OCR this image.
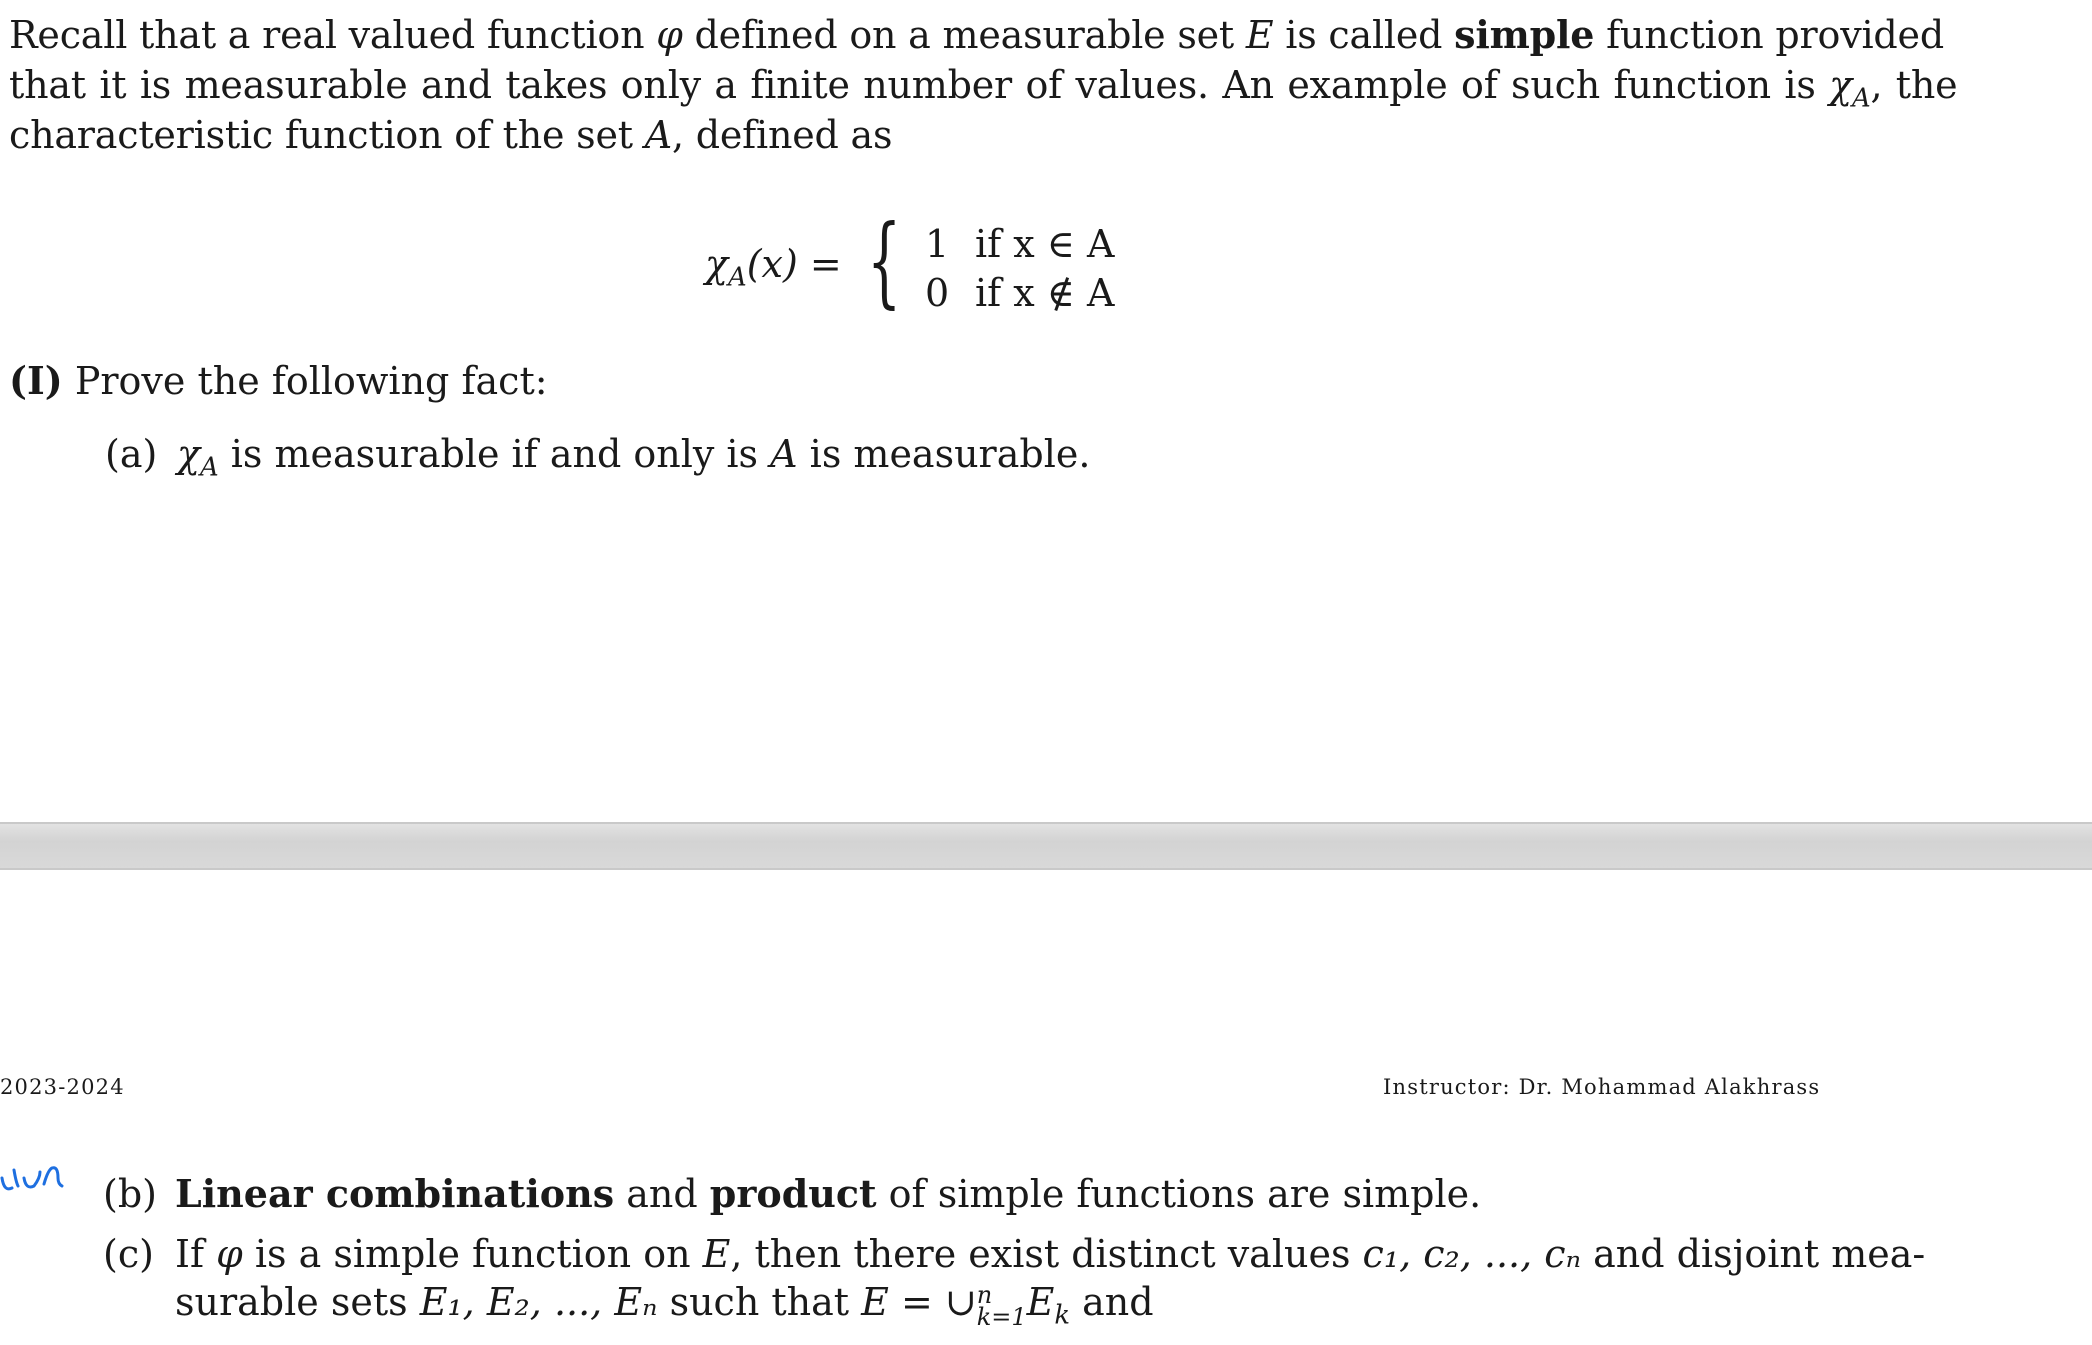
Recall that a real valued function φ defined on a measurable set E is called simple function provided
that it is measurable and takes only a finite number of values. An example of such function is $\chi_A$, the
characteristic function of the set A, defined as
$\chi_A(x)$ = { 1 if x ∈ A
0 if x ∉ A
(I) Prove the following fact:
(a) $\chi_A$ is measurable if and only is A is measurable.
2023-2024	Instructor: Dr. Mohammad Alakhrass
(b) Linear combinations and product of simple functions are simple.
(c) If φ is a simple function on E, then there exist distinct values c₁, c₂, ..., cₙ and disjoint mea-
surable sets E₁, E₂, ..., Eₙ such that E = ∪ n
k=1 $E_k$ and
